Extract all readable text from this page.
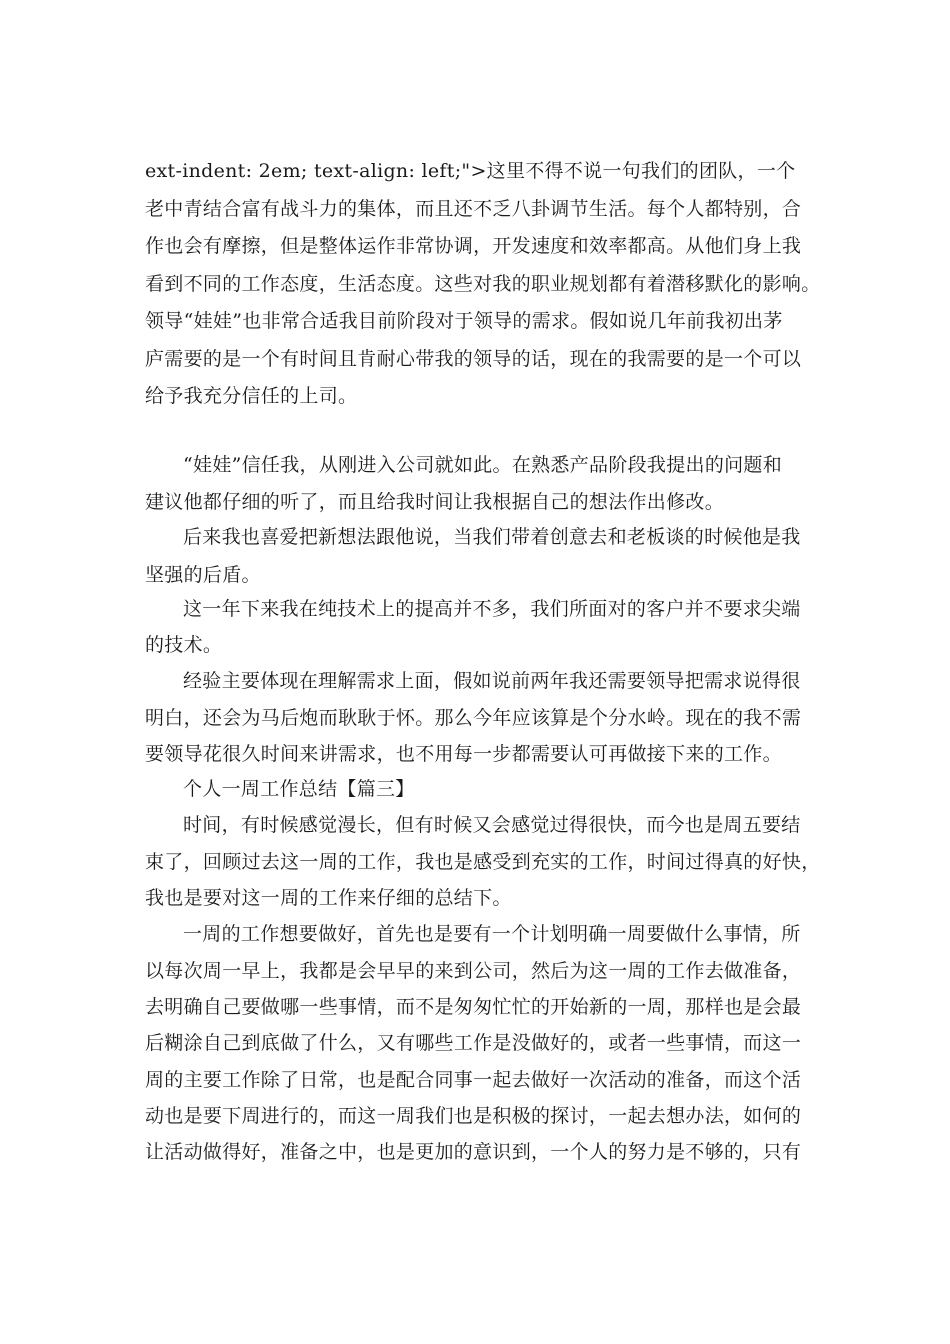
ext-indent: 2em; text-align: left;">这里不得不说一句我们的团队，一个
老中青结合富有战斗力的集体，而且还不乏八卦调节生活。每个人都特别，合
作也会有摩擦，但是整体运作非常协调，开发速度和效率都高。从他们身上我
看到不同的工作态度，生活态度。这些对我的职业规划都有着潜移默化的影响。
领导“娃娃”也非常合适我目前阶段对于领导的需求。假如说几年前我初出茅
庐需要的是一个有时间且肯耐心带我的领导的话，现在的我需要的是一个可以
给予我充分信任的上司。
“娃娃”信任我，从刚进入公司就如此。在熟悉产品阶段我提出的问题和
建议他都仔细的听了，而且给我时间让我根据自己的想法作出修改。
后来我也喜爱把新想法跟他说，当我们带着创意去和老板谈的时候他是我
坚强的后盾。
这一年下来我在纯技术上的提高并不多，我们所面对的客户并不要求尖端
的技术。
经验主要体现在理解需求上面，假如说前两年我还需要领导把需求说得很
明白，还会为马后炮而耿耿于怀。那么今年应该算是个分水岭。现在的我不需
要领导花很久时间来讲需求，也不用每一步都需要认可再做接下来的工作。
个人一周工作总结【篇三】
时间，有时候感觉漫长，但有时候又会感觉过得很快，而今也是周五要结
束了，回顾过去这一周的工作，我也是感受到充实的工作，时间过得真的好快，
我也是要对这一周的工作来仔细的总结下。
一周的工作想要做好，首先也是要有一个计划明确一周要做什么事情，所
以每次周一早上，我都是会早早的来到公司，然后为这一周的工作去做准备，
去明确自己要做哪一些事情，而不是匆匆忙忙的开始新的一周，那样也是会最
后糊涂自己到底做了什么，又有哪些工作是没做好的，或者一些事情，而这一
周的主要工作除了日常，也是配合同事一起去做好一次活动的准备，而这个活
动也是要下周进行的，而这一周我们也是积极的探讨，一起去想办法，如何的
让活动做得好，准备之中，也是更加的意识到，一个人的努力是不够的，只有
